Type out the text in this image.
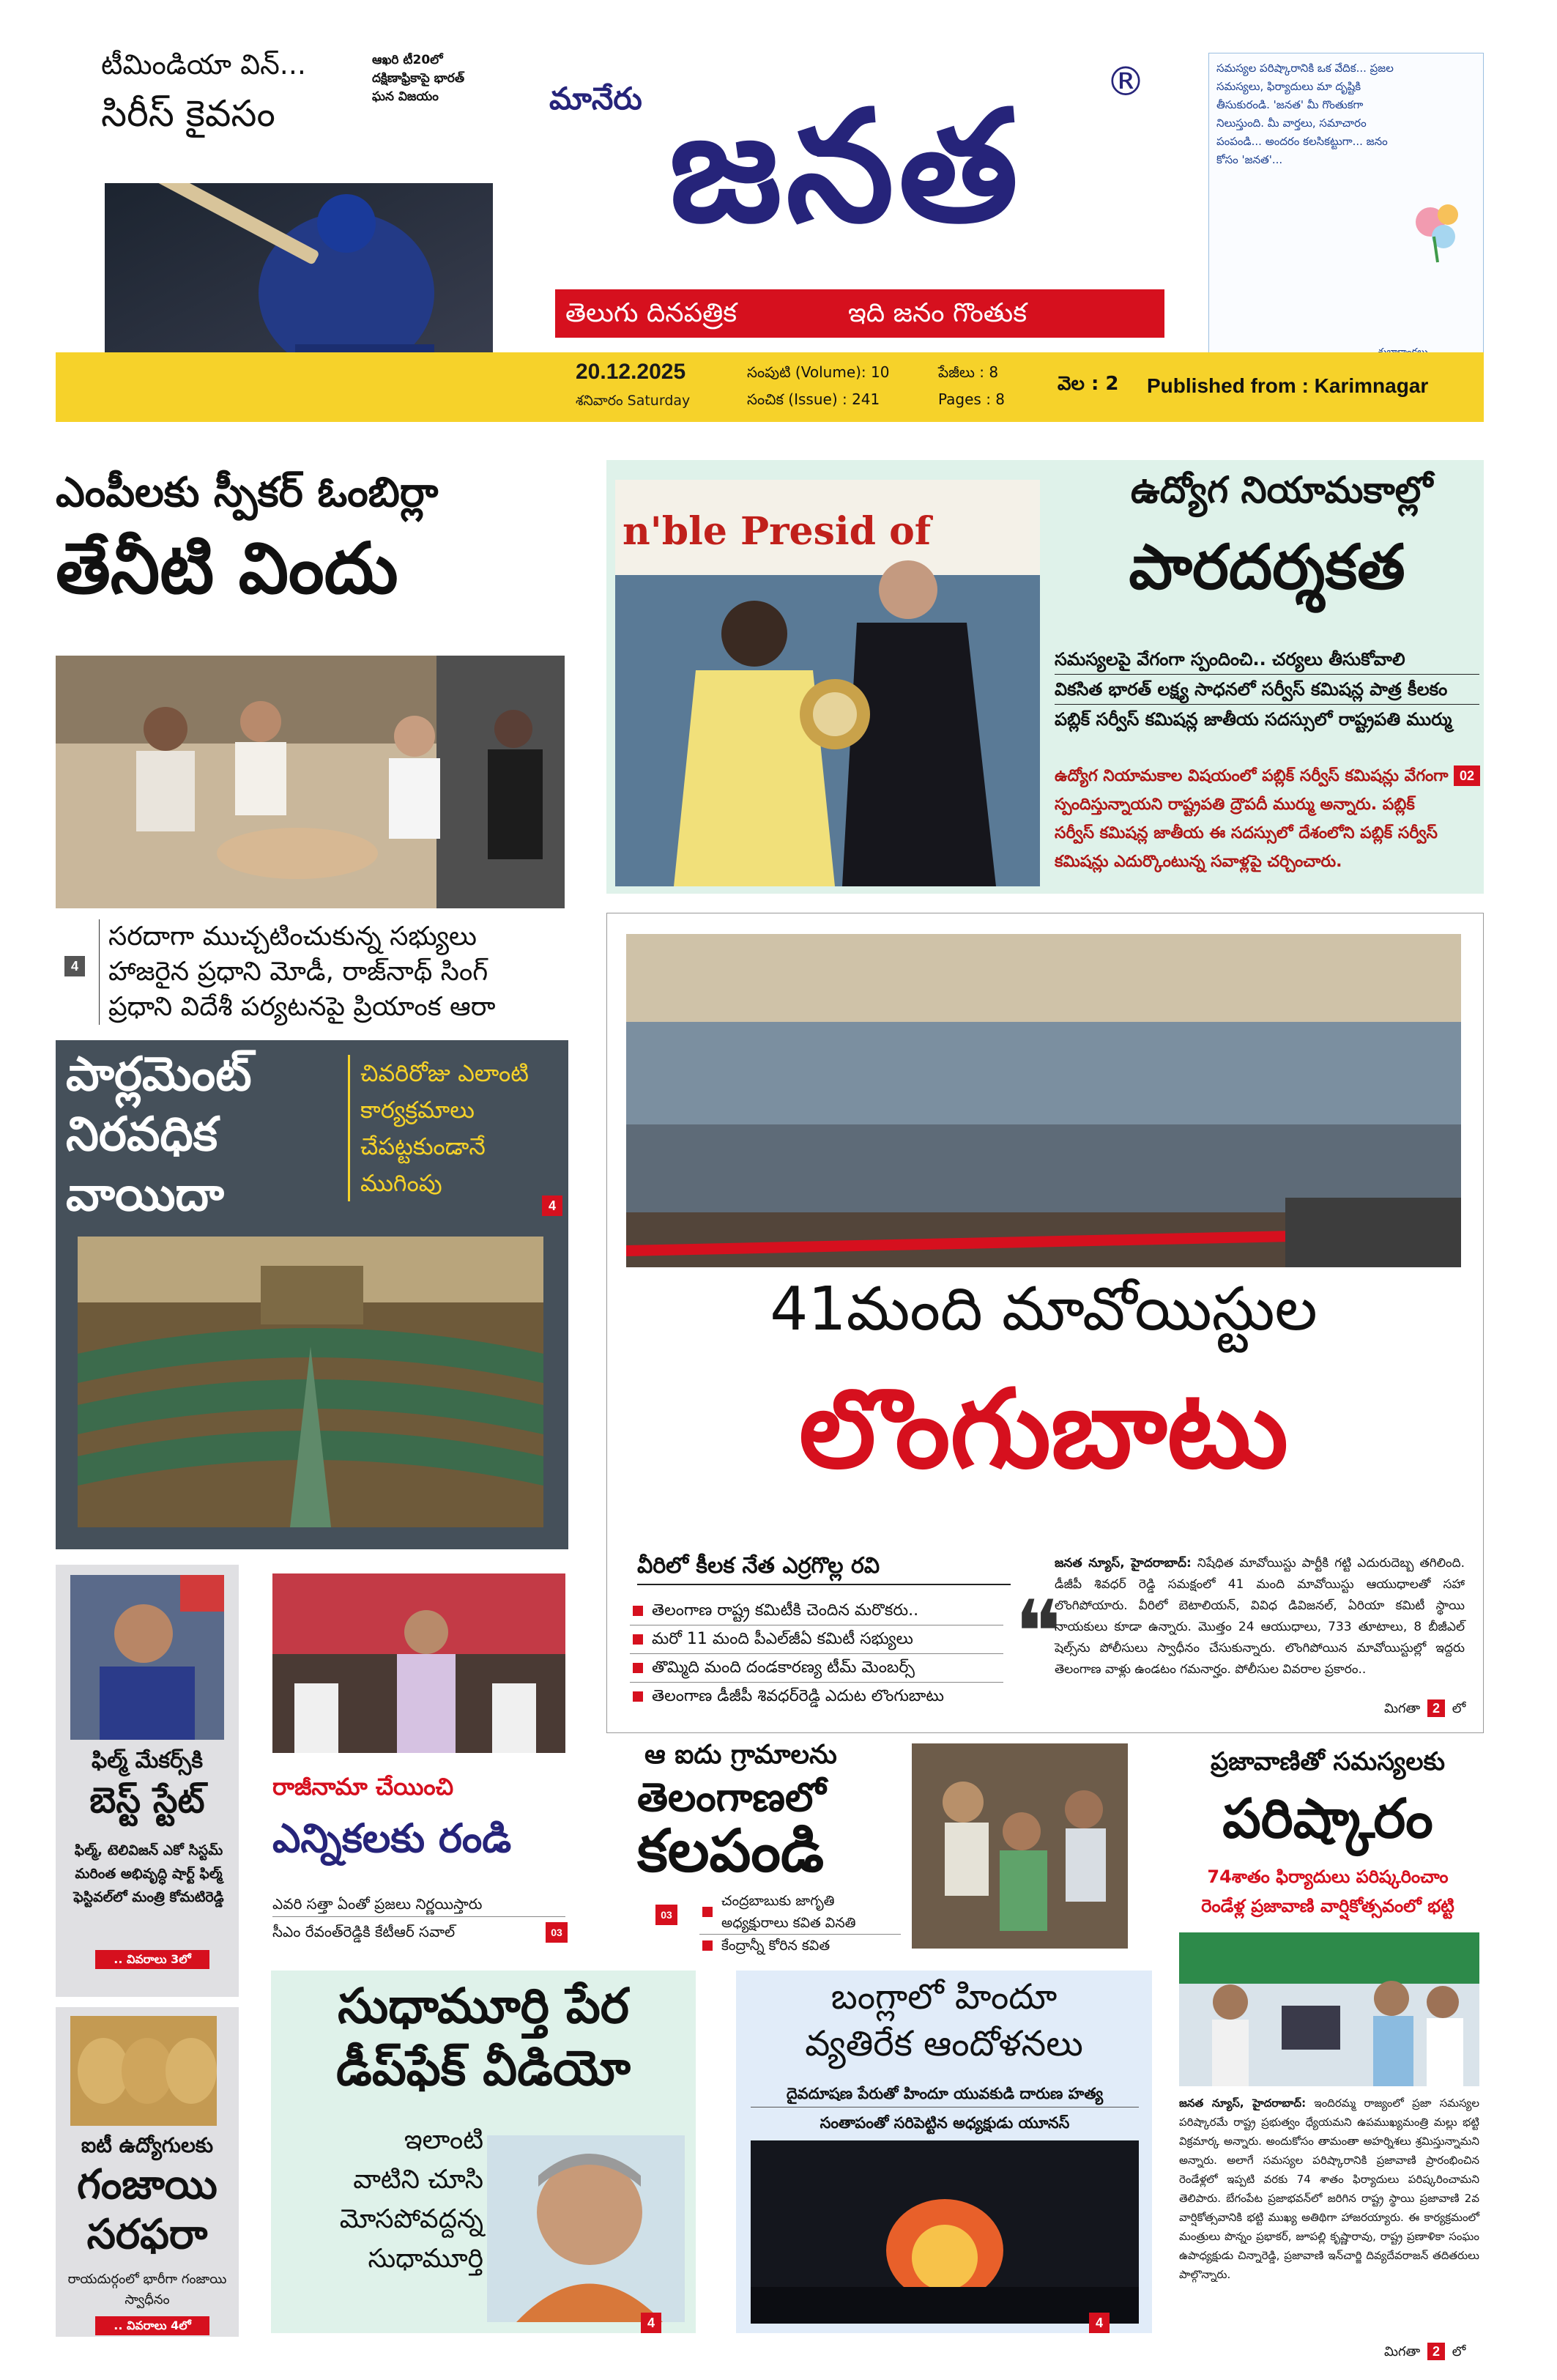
టీమిండియా విన్...
సిరీస్ కైవసం
ఆఖరి టీ20లో దక్షిణాఫ్రికాపై భారత్ ఘన విజయం	మానేరు జనత	®
తెలుగు దినపత్రిక	ఇది జనం గొంతుక
సమస్యల పరిష్కారానికి ఒక వేదిక... ప్రజల సమస్యలు, ఫిర్యాదులు మా దృష్టికి తీసుకురండి. 'జనత' మీ గొంతుకగా నిలుస్తుంది. మీ వార్తలు, సమాచారం పంపండి... అందరం కలసికట్టుగా... జనం కోసం 'జనత'...
20.12.2025
శనివారం Saturday
సంపుటి (Volume): 10
సంచిక (Issue) : 241
పేజీలు : 8
Pages : 8
వెల : 2 Published from : Karimnagar
ఎంపీలకు స్పీకర్ ఓంబిర్లా
తేనీటి విందు
4
సరదాగా ముచ్చటించుకున్న సభ్యులు
హాజరైన ప్రధాని మోడీ, రాజ్‌నాథ్ సింగ్
ప్రధాని విదేశీ పర్యటనపై ప్రియాంక ఆరా
n'ble Presid of
ఉద్యోగ నియామకాల్లో
పారదర్శకత
సమస్యలపై వేగంగా స్పందించి.. చర్యలు తీసుకోవాలి
వికసిత భారత్ లక్ష్య సాధనలో సర్వీస్ కమిషన్ల పాత్ర కీలకం
పబ్లిక్ సర్వీస్ కమిషన్ల జాతీయ సదస్సులో రాష్ట్రపతి ముర్ము
02
ఉద్యోగ నియామకాల విషయంలో పబ్లిక్ సర్వీస్ కమిషన్లు వేగంగా స్పందిస్తున్నాయని రాష్ట్రపతి ద్రౌపదీ ముర్ము అన్నారు. పబ్లిక్ సర్వీస్ కమిషన్ల జాతీయ ఈ సదస్సులో దేశంలోని పబ్లిక్ సర్వీస్ కమిషన్లు ఎదుర్కొంటున్న సవాళ్లపై చర్చించారు.
పార్లమెంట్
నిరవధిక
వాయిదా
చివరిరోజు ఎలాంటి కార్యక్రమాలు చేపట్టకుండానే ముగింపు
4
41మంది మావోయిస్టుల
లొంగుబాటు
వీరిలో కీలక నేత ఎర్రగొల్ల రవి
తెలంగాణ రాష్ట్ర కమిటీకి చెందిన మరొకరు..
మరో 11 మంది పీఎల్‌జీఏ కమిటీ సభ్యులు
తొమ్మిది మంది దండకారణ్య టీమ్ మెంబర్స్
తెలంగాణ డీజీపీ శివధర్‌రెడ్డి ఎదుట లొంగుబాటు
❝
జనత న్యూస్, హైదరాబాద్: నిషేధిత మావోయిస్టు పార్టీకి గట్టి ఎదురుదెబ్బ తగిలింది. డీజీపీ శివధర్ రెడ్డి సమక్షంలో 41 మంది మావోయిస్టు ఆయుధాలతో సహా లొంగిపోయారు. వీరిలో బెటాలియన్, వివిధ డివిజనల్, ఏరియా కమిటీ స్థాయి నాయకులు కూడా ఉన్నారు. మొత్తం 24 ఆయుధాలు, 733 తూటాలు, 8 బీజీఎల్ షెల్స్‌ను పోలీసులు స్వాధీనం చేసుకున్నారు. లొంగిపోయిన మావోయిస్టుల్లో ఇద్దరు తెలంగాణ వాళ్లు ఉండటం గమనార్హం. పోలీసుల వివరాల ప్రకారం..
మిగతా 2 లో
ఫిల్మ్ మేకర్స్‌కి
బెస్ట్ స్టేట్
ఫిల్మ్, టెలివిజన్ ఎకో సిస్టమ్ మరింత అభివృద్ధి షార్ట్ ఫిల్మ్ ఫెస్టివల్‌లో మంత్రి కోమటిరెడ్డి
.. వివరాలు 3లో
రాజీనామా చేయించి
ఎన్నికలకు రండి
ఎవరి సత్తా ఏంతో ప్రజలు నిర్ణయిస్తారు
సీఎం రేవంత్‌రెడ్డికి కేటీఆర్ సవాల్	03
ఆ ఐదు గ్రామాలను
తెలంగాణలో
కలపండి
03
చంద్రబాబుకు జాగృతి అధ్యక్షురాలు కవిత వినతి
కేంద్రాన్నీ కోరిన కవిత
ప్రజావాణితో సమస్యలకు
పరిష్కారం
74శాతం ఫిర్యాదులు పరిష్కరించాం
రెండేళ్ల ప్రజావాణి వార్షికోత్సవంలో భట్టి
జనత న్యూస్, హైదరాబాద్: ఇందిరమ్మ రాజ్యంలో ప్రజా సమస్యల పరిష్కారమే రాష్ట్ర ప్రభుత్వం ధ్యేయమని ఉపముఖ్యమంత్రి మల్లు భట్టి విక్రమార్క అన్నారు. అందుకోసం తామంతా అహర్నిశలు శ్రమిస్తున్నామని అన్నారు. అలాగే సమస్యల పరిష్కారానికి ప్రజావాణి ప్రారంభించిన రెండేళ్లలో ఇప్పటి వరకు 74 శాతం ఫిర్యాదులు పరిష్కరించామని తెలిపారు. బేగంపేట ప్రజాభవన్‌లో జరిగిన రాష్ట్ర స్థాయి ప్రజావాణి 2వ వార్షికోత్సవానికి భట్టి ముఖ్య అతిథిగా హాజరయ్యారు. ఈ కార్యక్రమంలో మంత్రులు పొన్నం ప్రభాకర్, జూపల్లి కృష్ణారావు, రాష్ట్ర ప్రణాళికా సంఘం ఉపాధ్యక్షుడు చిన్నారెడ్డి, ప్రజావాణి ఇన్‌చార్జి దివ్యదేవరాజన్ తదితరులు పాల్గొన్నారు.
మిగతా 2 లో
ఐటీ ఉద్యోగులకు
గంజాయి
సరఫరా
రాయదుర్గంలో భారీగా గంజాయి స్వాధీనం
.. వివరాలు 4లో
సుధామూర్తి పేర
డీప్‌ఫేక్ వీడియో
ఇలాంటి
వాటిని చూసి
మోసపోవద్దన్న
సుధామూర్తి
4
బంగ్లాలో హిందూ
వ్యతిరేక ఆందోళనలు
దైవదూషణ పేరుతో హిందూ యువకుడి దారుణ హత్య
సంతాపంతో సరిపెట్టిన అధ్యక్షుడు యూనస్
4
